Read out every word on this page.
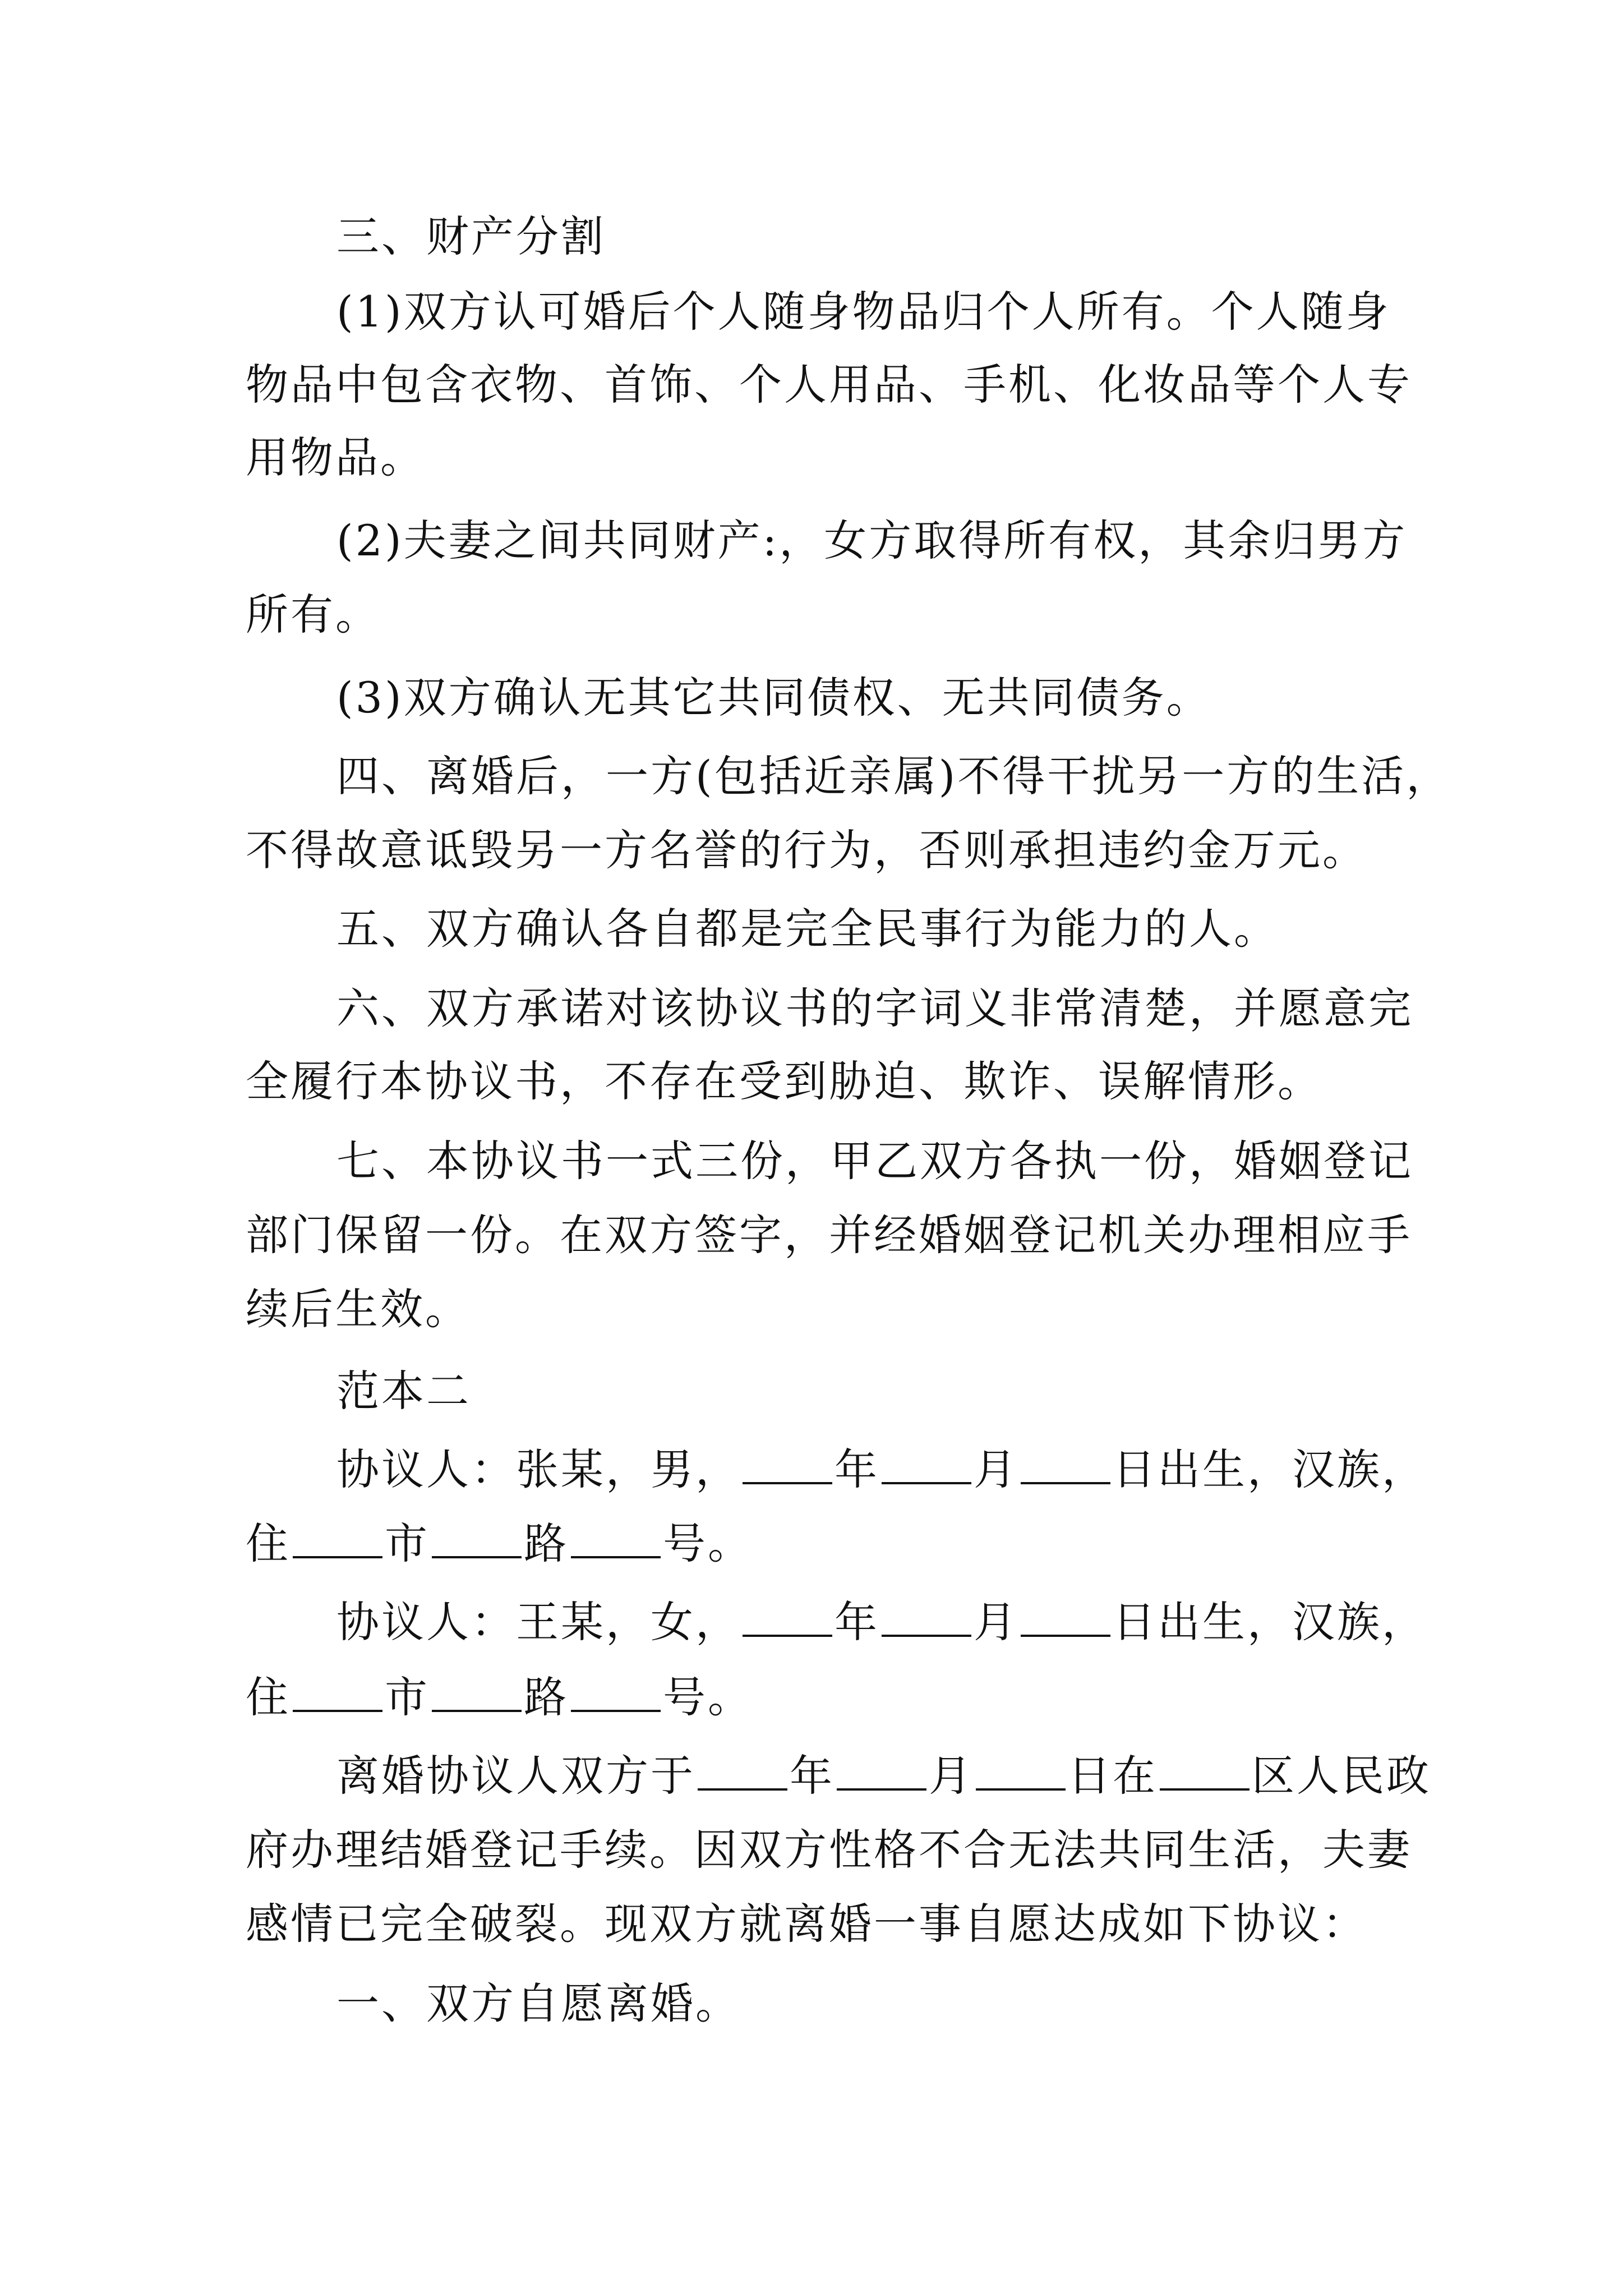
三、财产分割
(1)双方认可婚后个人随身物品归个人所有。个人随身
物品中包含衣物、首饰、个人用品、手机、化妆品等个人专
用物品。
(2)夫妻之间共同财产:，女方取得所有权，其余归男方
所有。
(3)双方确认无其它共同债权、无共同债务。
四、离婚后，一方(包括近亲属)不得干扰另一方的生活，
不得故意诋毁另一方名誉的行为，否则承担违约金万元。
五、双方确认各自都是完全民事行为能力的人。
六、双方承诺对该协议书的字词义非常清楚，并愿意完
全履行本协议书，不存在受到胁迫、欺诈、误解情形。
七、本协议书一式三份，甲乙双方各执一份，婚姻登记
部门保留一份。在双方签字，并经婚姻登记机关办理相应手
续后生效。
范本二
协议人：张某，男， 年 月 日出生，汉族，
住 市 路 号。
协议人：王某，女， 年 月 日出生，汉族，
住 市 路 号。
离婚协议人双方于 年 月 日在 区人民政
府办理结婚登记手续。因双方性格不合无法共同生活，夫妻
感情已完全破裂。现双方就离婚一事自愿达成如下协议：
一、双方自愿离婚。
